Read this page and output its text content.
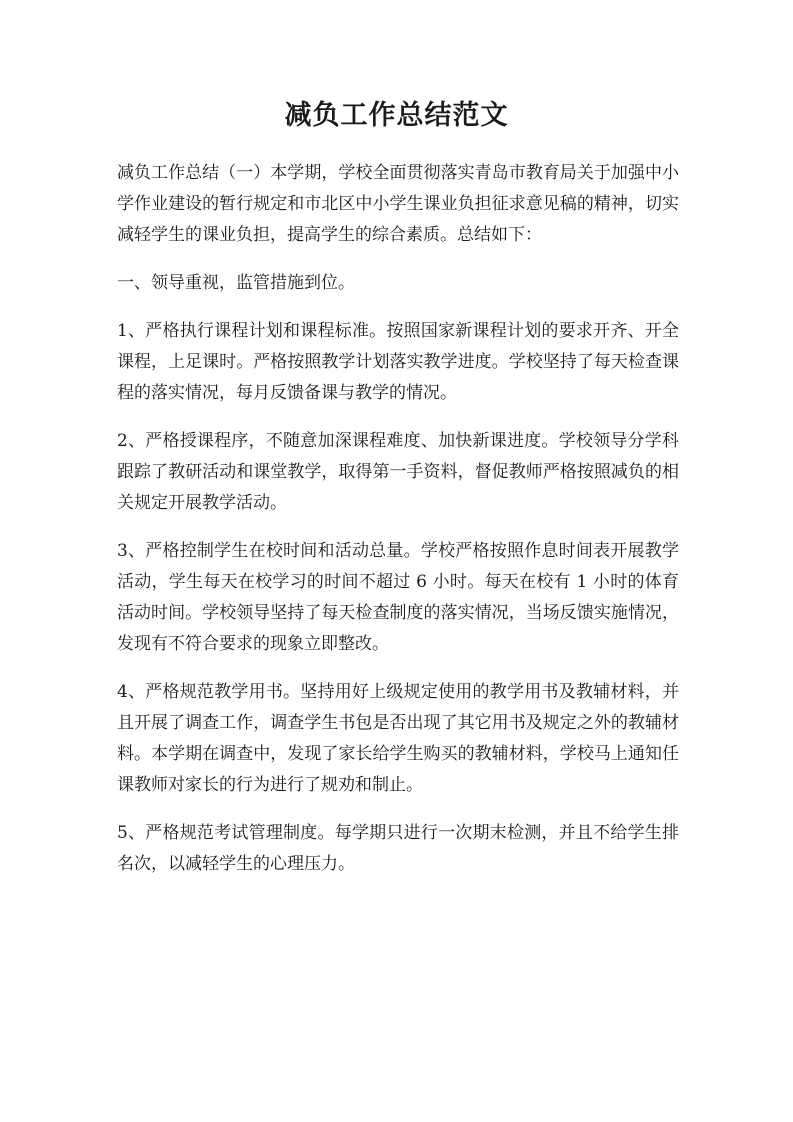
减负工作总结范文

减负工作总结（一）本学期，学校全面贯彻落实青岛市教育局关于加强中小学作业建设的暂行规定和市北区中小学生课业负担征求意见稿的精神，切实减轻学生的课业负担，提高学生的综合素质。总结如下：

一、领导重视，监管措施到位。

1、严格执行课程计划和课程标准。按照国家新课程计划的要求开齐、开全课程，上足课时。严格按照教学计划落实教学进度。学校坚持了每天检查课程的落实情况，每月反馈备课与教学的情况。

2、严格授课程序，不随意加深课程难度、加快新课进度。学校领导分学科跟踪了教研活动和课堂教学，取得第一手资料，督促教师严格按照减负的相关规定开展教学活动。

3、严格控制学生在校时间和活动总量。学校严格按照作息时间表开展教学活动，学生每天在校学习的时间不超过 6 小时。每天在校有 1 小时的体育活动时间。学校领导坚持了每天检查制度的落实情况，当场反馈实施情况，发现有不符合要求的现象立即整改。

4、严格规范教学用书。坚持用好上级规定使用的教学用书及教辅材料，并且开展了调查工作，调查学生书包是否出现了其它用书及规定之外的教辅材料。本学期在调查中，发现了家长给学生购买的教辅材料，学校马上通知任课教师对家长的行为进行了规劝和制止。

5、严格规范考试管理制度。每学期只进行一次期末检测，并且不给学生排名次，以减轻学生的心理压力。
